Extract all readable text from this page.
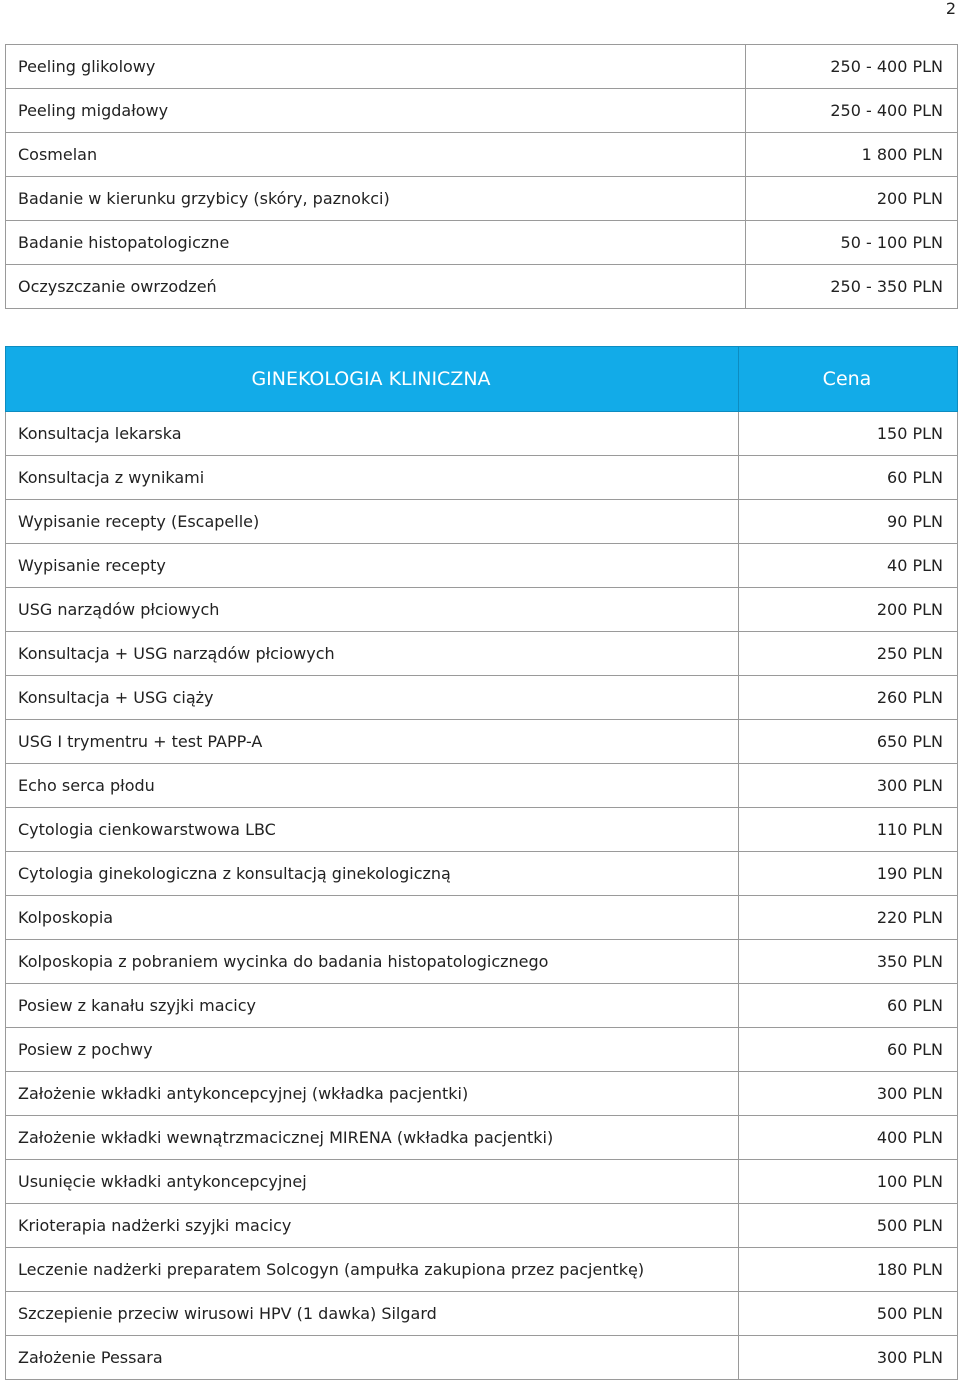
2
Peeling glikolowy	250 - 400 PLN
Peeling migdałowy	250 - 400 PLN
Cosmelan	1 800 PLN
Badanie w kierunku grzybicy (skóry, paznokci)	200 PLN
Badanie histopatologiczne	50 - 100 PLN
Oczyszczanie owrzodzeń	250 - 350 PLN
GINEKOLOGIA KLINICZNA	Cena
Konsultacja lekarska	150 PLN
Konsultacja z wynikami	60 PLN
Wypisanie recepty (Escapelle)	90 PLN
Wypisanie recepty	40 PLN
USG narządów płciowych	200 PLN
Konsultacja + USG narządów płciowych	250 PLN
Konsultacja + USG ciąży	260 PLN
USG I trymentru + test PAPP-A	650 PLN
Echo serca płodu	300 PLN
Cytologia cienkowarstwowa LBC	110 PLN
Cytologia ginekologiczna z konsultacją ginekologiczną	190 PLN
Kolposkopia	220 PLN
Kolposkopia z pobraniem wycinka do badania histopatologicznego	350 PLN
Posiew z kanału szyjki macicy	60 PLN
Posiew z pochwy	60 PLN
Założenie wkładki antykoncepcyjnej (wkładka pacjentki)	300 PLN
Założenie wkładki wewnątrzmacicznej MIRENA (wkładka pacjentki)	400 PLN
Usunięcie wkładki antykoncepcyjnej	100 PLN
Krioterapia nadżerki szyjki macicy	500 PLN
Leczenie nadżerki preparatem Solcogyn (ampułka zakupiona przez pacjentkę)	180 PLN
Szczepienie przeciw wirusowi HPV (1 dawka) Silgard	500 PLN
Założenie Pessara	300 PLN
